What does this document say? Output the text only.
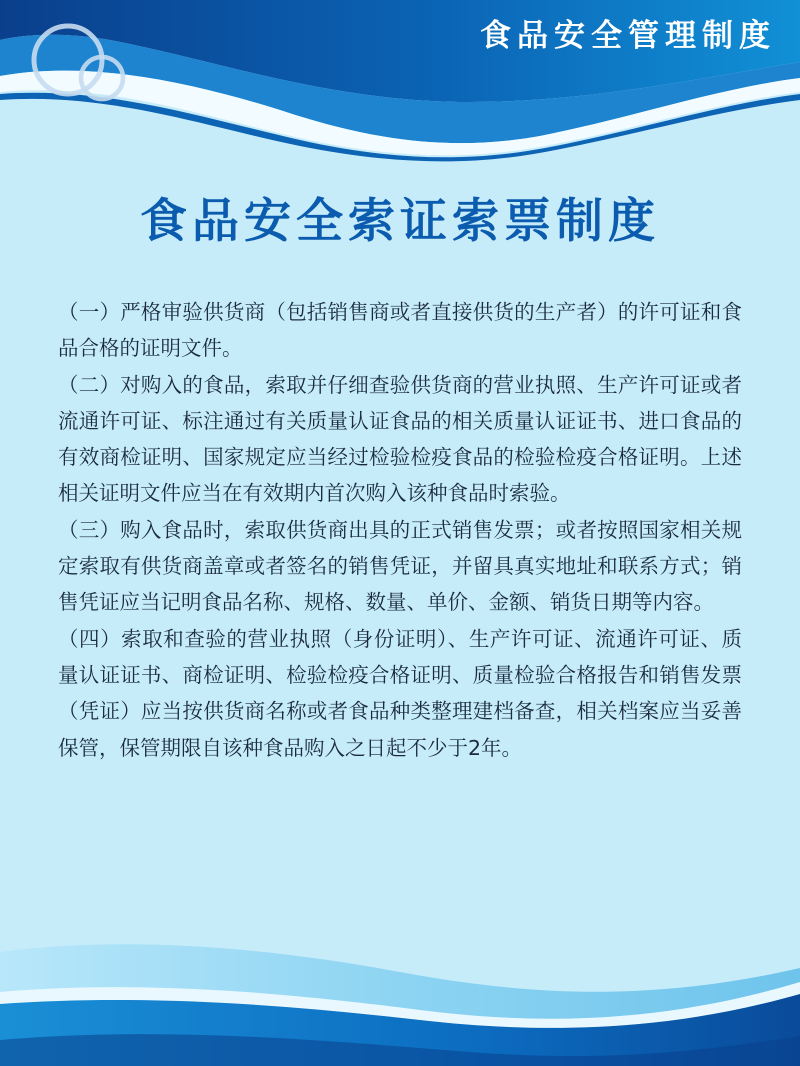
食品安全管理制度
食品安全索证索票制度

（一）严格审验供货商（包括销售商或者直接供货的生产者）的许可证和食品合格的证明文件。

（二）对购入的食品，索取并仔细查验供货商的营业执照、生产许可证或者流通许可证、标注通过有关质量认证食品的相关质量认证证书、进口食品的有效商检证明、国家规定应当经过检验检疫食品的检验检疫合格证明。上述相关证明文件应当在有效期内首次购入该种食品时索验。

（三）购入食品时，索取供货商出具的正式销售发票；或者按照国家相关规定索取有供货商盖章或者签名的销售凭证，并留具真实地址和联系方式；销售凭证应当记明食品名称、规格、数量、单价、金额、销货日期等内容。

（四）索取和查验的营业执照（身份证明）、生产许可证、流通许可证、质量认证证书、商检证明、检验检疫合格证明、质量检验合格报告和销售发票（凭证）应当按供货商名称或者食品种类整理建档备查，相关档案应当妥善保管，保管期限自该种食品购入之日起不少于2年。
